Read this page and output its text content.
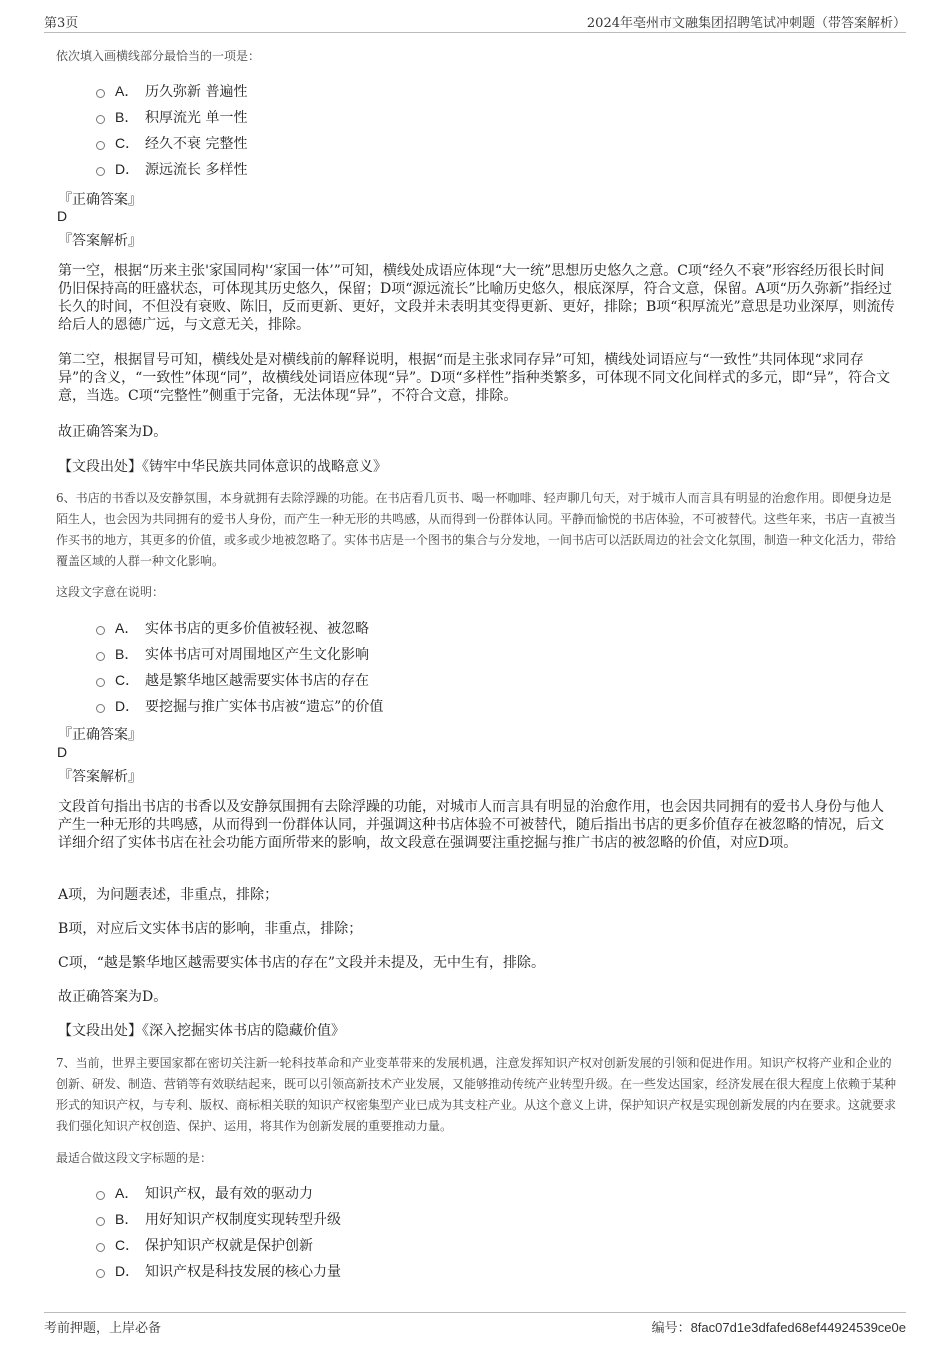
第3页	2024年亳州市文融集团招聘笔试冲刺题（带答案解析）
依次填入画横线部分最恰当的一项是：
A． 历久弥新 普遍性
B． 积厚流光 单一性
C． 经久不衰 完整性
D． 源远流长 多样性
『正确答案』
D
『答案解析』
第一空，根据“历来主张'家国同构'‘家国一体’”可知，横线处成语应体现“大一统”思想历史悠久之意。C项“经久不衰”形容经历很长时间仍旧保持高的旺盛状态，可体现其历史悠久，保留；D项“源远流长”比喻历史悠久，根底深厚，符合文意，保留。A项“历久弥新”指经过长久的时间，不但没有衰败、陈旧，反而更新、更好，文段并未表明其变得更新、更好，排除；B项“积厚流光”意思是功业深厚，则流传给后人的恩德广远，与文意无关，排除。
第二空，根据冒号可知，横线处是对横线前的解释说明，根据“而是主张求同存异”可知，横线处词语应与“一致性”共同体现“求同存异”的含义，“一致性”体现“同”，故横线处词语应体现“异”。D项“多样性”指种类繁多，可体现不同文化间样式的多元，即“异”，符合文意，当选。C项“完整性”侧重于完备，无法体现“异”，不符合文意，排除。
故正确答案为D。
【文段出处】《铸牢中华民族共同体意识的战略意义》
6、书店的书香以及安静氛围，本身就拥有去除浮躁的功能。在书店看几页书、喝一杯咖啡、轻声聊几句天，对于城市人而言具有明显的治愈作用。即便身边是陌生人，也会因为共同拥有的爱书人身份，而产生一种无形的共鸣感，从而得到一份群体认同。平静而愉悦的书店体验，不可被替代。这些年来，书店一直被当作买书的地方，其更多的价值，或多或少地被忽略了。实体书店是一个图书的集合与分发地，一间书店可以活跃周边的社会文化氛围，制造一种文化活力，带给覆盖区域的人群一种文化影响。
这段文字意在说明：
A． 实体书店的更多价值被轻视、被忽略
B． 实体书店可对周围地区产生文化影响
C． 越是繁华地区越需要实体书店的存在
D． 要挖掘与推广实体书店被“遗忘”的价值
『正确答案』
D
『答案解析』
文段首句指出书店的书香以及安静氛围拥有去除浮躁的功能，对城市人而言具有明显的治愈作用，也会因共同拥有的爱书人身份与他人产生一种无形的共鸣感，从而得到一份群体认同，并强调这种书店体验不可被替代，随后指出书店的更多价值存在被忽略的情况，后文详细介绍了实体书店在社会功能方面所带来的影响，故文段意在强调要注重挖掘与推广书店的被忽略的价值，对应D项。
A项，为问题表述，非重点，排除；
B项，对应后文实体书店的影响，非重点，排除；
C项，“越是繁华地区越需要实体书店的存在”文段并未提及，无中生有，排除。
故正确答案为D。
【文段出处】《深入挖掘实体书店的隐藏价值》
7、当前，世界主要国家都在密切关注新一轮科技革命和产业变革带来的发展机遇，注意发挥知识产权对创新发展的引领和促进作用。知识产权将产业和企业的创新、研发、制造、营销等有效联结起来，既可以引领高新技术产业发展，又能够推动传统产业转型升级。在一些发达国家，经济发展在很大程度上依赖于某种形式的知识产权，与专利、版权、商标相关联的知识产权密集型产业已成为其支柱产业。从这个意义上讲，保护知识产权是实现创新发展的内在要求。这就要求我们强化知识产权创造、保护、运用，将其作为创新发展的重要推动力量。
最适合做这段文字标题的是：
A． 知识产权，最有效的驱动力
B． 用好知识产权制度实现转型升级
C． 保护知识产权就是保护创新
D． 知识产权是科技发展的核心力量
考前押题，上岸必备	编号：8fac07d1e3dfafed68ef44924539ce0e
